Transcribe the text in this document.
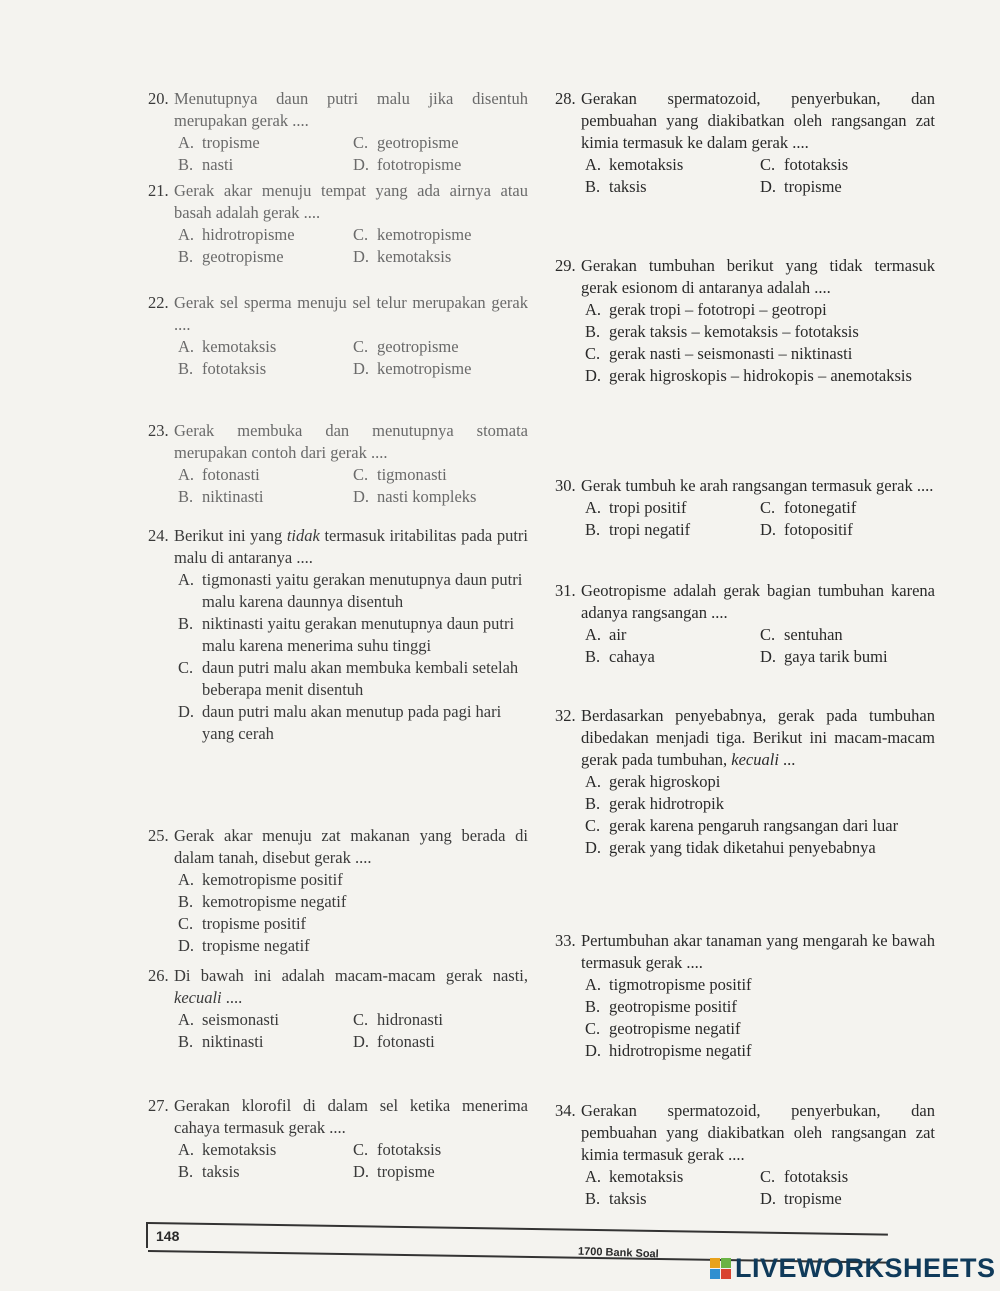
20. Menutupnya daun putri malu jika disentuh merupakan gerak ....
A. tropisme
B. nasti
C. geotropisme
D. fototropisme
21. Gerak akar menuju tempat yang ada airnya atau basah adalah gerak ....
A. hidrotropisme
B. geotropisme
C. kemotropisme
D. kemotaksis
22. Gerak sel sperma menuju sel telur merupakan gerak ....
A. kemotaksis
B. fototaksis
C. geotropisme
D. kemotropisme
23. Gerak membuka dan menutupnya stomata merupakan contoh dari gerak ....
A. fotonasti
B. niktinasti
C. tigmonasti
D. nasti kompleks
24. Berikut ini yang tidak termasuk iritabilitas pada putri malu di antaranya ....
A. tigmonasti yaitu gerakan menutupnya daun putri malu karena daunnya disentuh
B. niktinasti yaitu gerakan menutupnya daun putri malu karena menerima suhu tinggi
C. daun putri malu akan membuka kembali setelah beberapa menit disentuh
D. daun putri malu akan menutup pada pagi hari yang cerah
25. Gerak akar menuju zat makanan yang berada di dalam tanah, disebut gerak ....
A. kemotropisme positif
B. kemotropisme negatif
C. tropisme positif
D. tropisme negatif
26. Di bawah ini adalah macam-macam gerak nasti, kecuali ....
A. seismonasti
B. niktinasti
C. hidronasti
D. fotonasti
27. Gerakan klorofil di dalam sel ketika menerima cahaya termasuk gerak ....
A. kemotaksis
B. taksis
C. fototaksis
D. tropisme
28. Gerakan spermatozoid, penyerbukan, dan pembuahan yang diakibatkan oleh rangsangan zat kimia termasuk ke dalam gerak ....
A. kemotaksis
B. taksis
C. fototaksis
D. tropisme
29. Gerakan tumbuhan berikut yang tidak termasuk gerak esionom di antaranya adalah ....
A. gerak tropi – fototropi – geotropi
B. gerak taksis – kemotaksis – fototaksis
C. gerak nasti – seismonasti – niktinasti
D. gerak higroskopis – hidrokopis – anemotaksis
30. Gerak tumbuh ke arah rangsangan termasuk gerak ....
A. tropi positif
B. tropi negatif
C. fotonegatif
D. fotopositif
31. Geotropisme adalah gerak bagian tumbuhan karena adanya rangsangan ....
A. air
B. cahaya
C. sentuhan
D. gaya tarik bumi
32. Berdasarkan penyebabnya, gerak pada tumbuhan dibedakan menjadi tiga. Berikut ini macam-macam gerak pada tumbuhan, kecuali ...
A. gerak higroskopi
B. gerak hidrotropik
C. gerak karena pengaruh rangsangan dari luar
D. gerak yang tidak diketahui penyebabnya
33. Pertumbuhan akar tanaman yang mengarah ke bawah termasuk gerak ....
A. tigmotropisme positif
B. geotropisme positif
C. geotropisme negatif
D. hidrotropisme negatif
34. Gerakan spermatozoid, penyerbukan, dan pembuahan yang diakibatkan oleh rangsangan zat kimia termasuk gerak ....
A. kemotaksis
B. taksis
C. fototaksis
D. tropisme
148
1700 Bank Soal	LIVEWORKSHEETS
